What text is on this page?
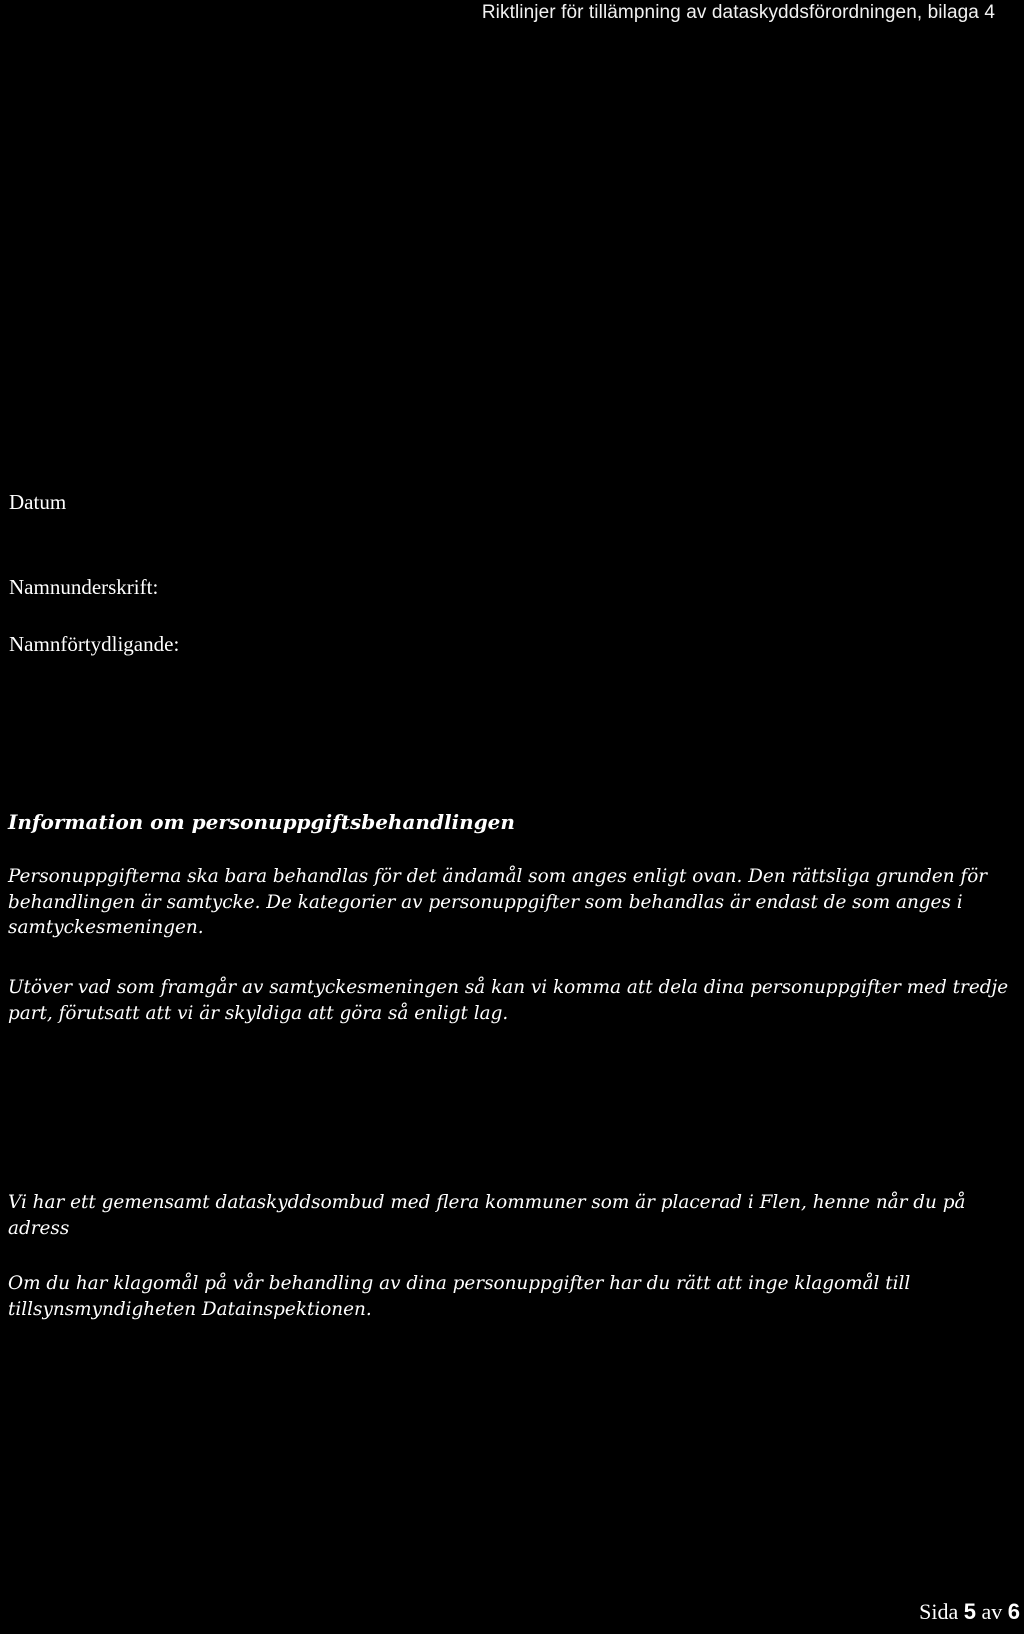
Riktlinjer för tillämpning av dataskyddsförordningen, bilaga 4
Datum
Namnunderskrift:
Namnförtydligande:
Information om personuppgiftsbehandlingen

Personuppgifterna ska bara behandlas för det ändamål som anges enligt ovan. Den rättsliga grunden för behandlingen är samtycke. De kategorier av personuppgifter som behandlas är endast de som anges i samtyckesmeningen.

Utöver vad som framgår av samtyckesmeningen så kan vi komma att dela dina personuppgifter med tredje part, förutsatt att vi är skyldiga att göra så enligt lag.

Vi har ett gemensamt dataskyddsombud med flera kommuner som är placerad i Flen, henne når du på adress

Om du har klagomål på vår behandling av dina personuppgifter har du rätt att inge klagomål till tillsynsmyndigheten Datainspektionen.

Sida 5 av 6
